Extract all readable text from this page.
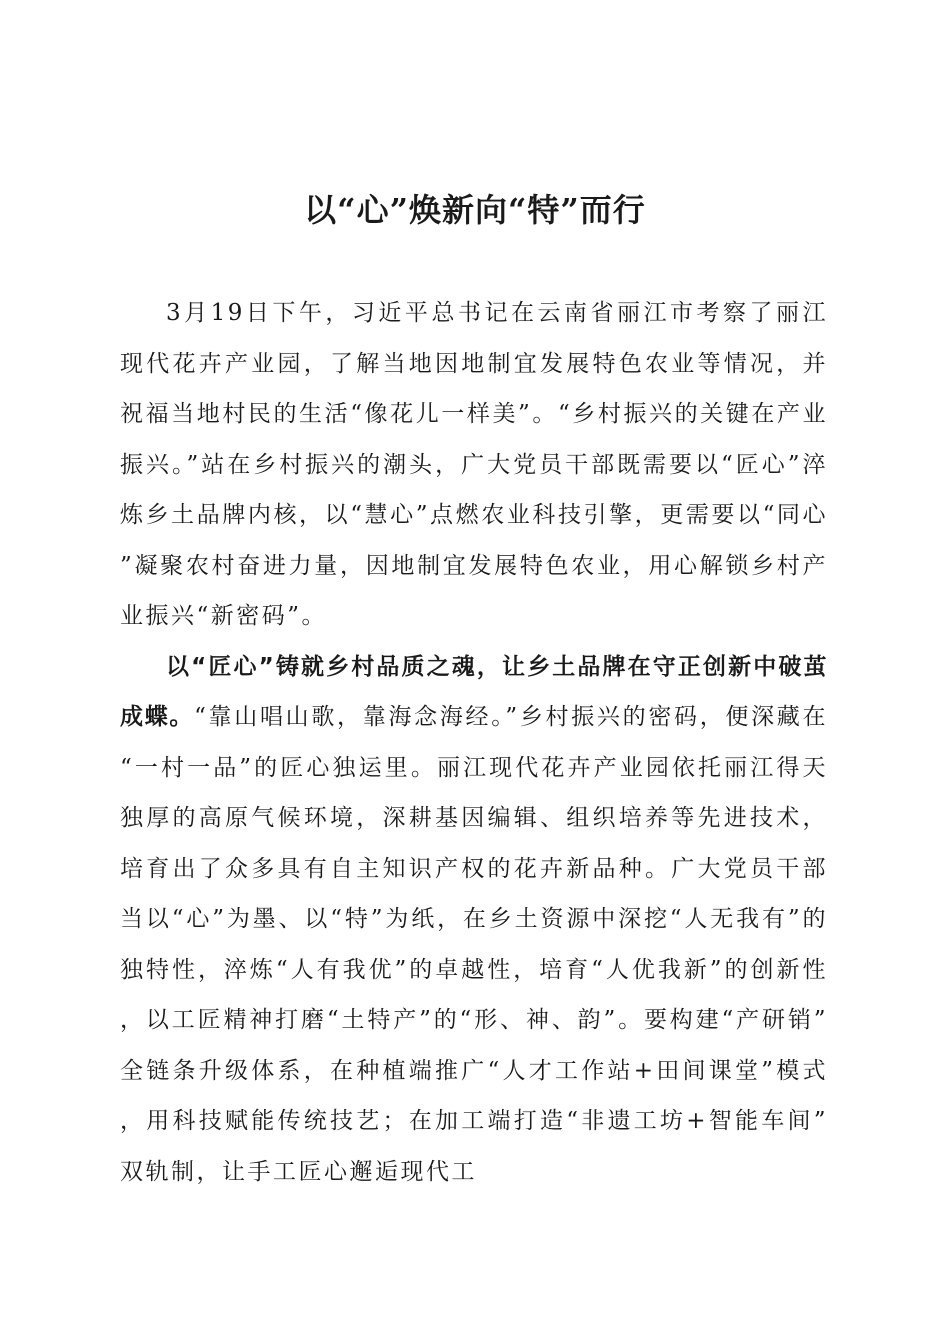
以“心”焕新向“特”而行

3月19日下午，习近平总书记在云南省丽江市考察了丽江现代花卉产业园，了解当地因地制宜发展特色农业等情况，并祝福当地村民的生活“像花儿一样美”。“乡村振兴的关键在产业振兴。”站在乡村振兴的潮头，广大党员干部既需要以“匠心”淬炼乡土品牌内核，以“慧心”点燃农业科技引擎，更需要以“同心”凝聚农村奋进力量，因地制宜发展特色农业，用心解锁乡村产业振兴“新密码”。

以“匠心”铸就乡村品质之魂，让乡土品牌在守正创新中破茧成蝶。“靠山唱山歌，靠海念海经。”乡村振兴的密码，便深藏在“一村一品”的匠心独运里。丽江现代花卉产业园依托丽江得天独厚的高原气候环境，深耕基因编辑、组织培养等先进技术，培育出了众多具有自主知识产权的花卉新品种。广大党员干部当以“心”为墨、以“特”为纸，在乡土资源中深挖“人无我有”的独特性，淬炼“人有我优”的卓越性，培育“人优我新”的创新性，以工匠精神打磨“土特产”的“形、神、韵”。要构建“产研销”全链条升级体系，在种植端推广“人才工作站+田间课堂”模式，用科技赋能传统技艺；在加工端打造“非遗工坊+智能车间”双轨制，让手工匠心邂逅现代工
